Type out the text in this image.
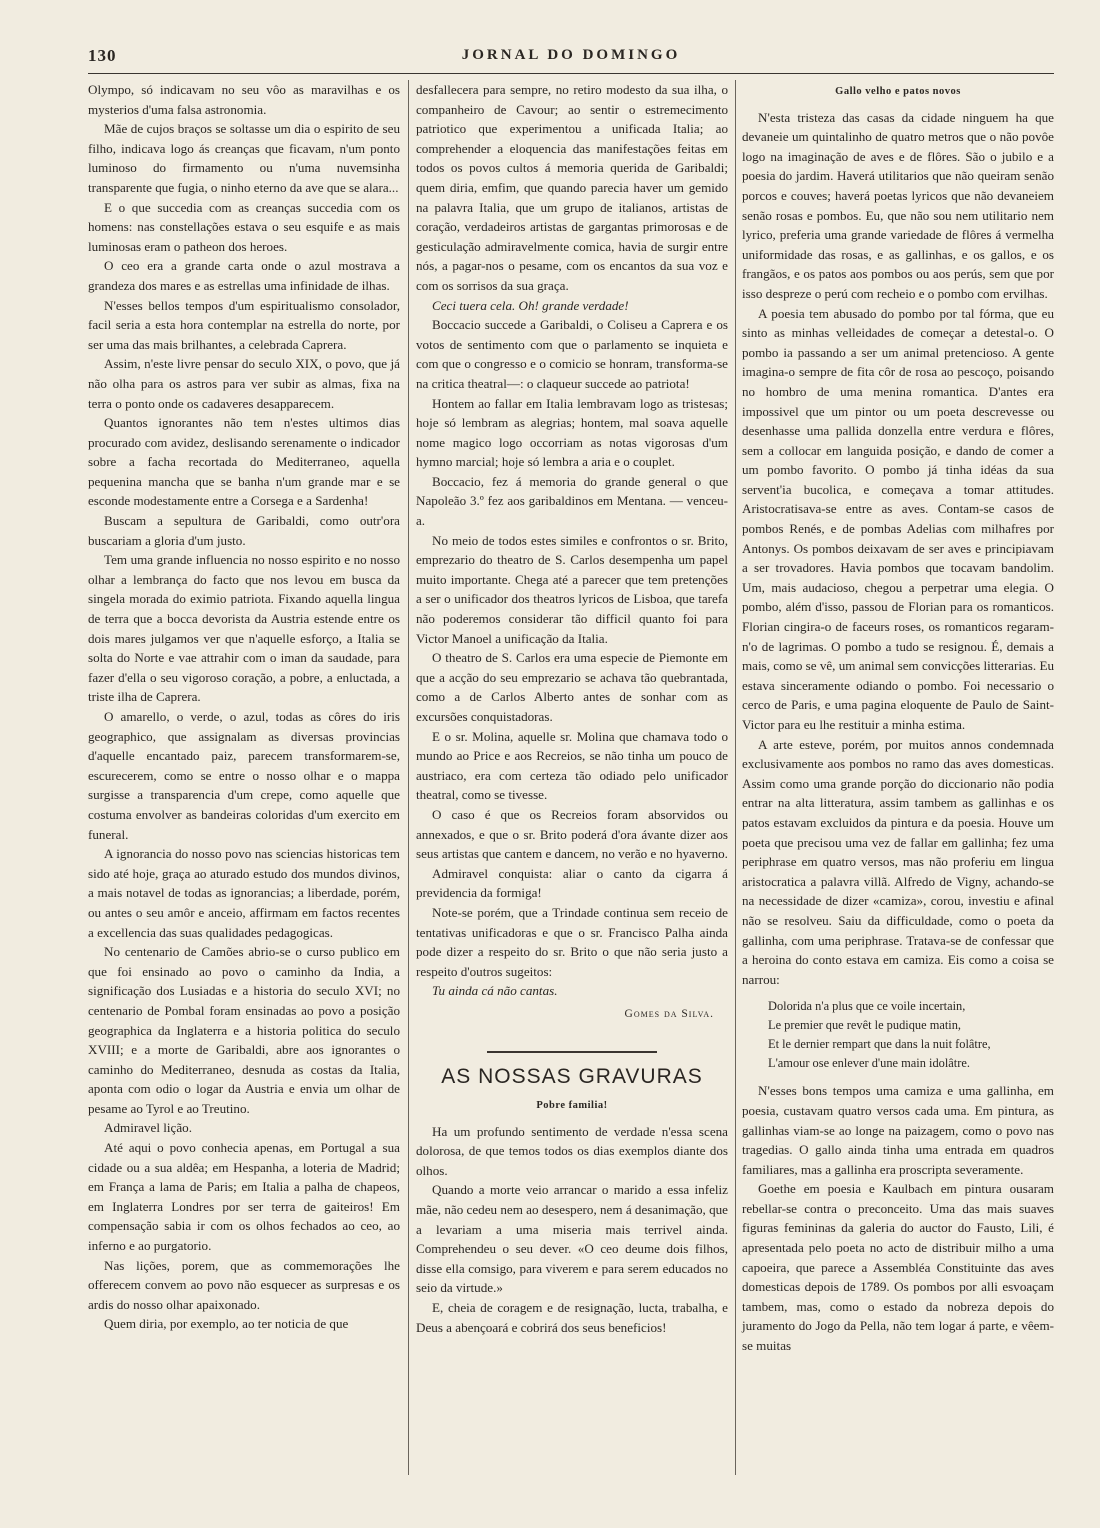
130	JORNAL DO DOMINGO

Olympo, só indicavam no seu vôo as maravilhas e os mysterios d'uma falsa astronomia.

Mãe de cujos braços se soltasse um dia o espirito de seu filho, indicava logo ás creanças que ficavam, n'um ponto luminoso do firmamento ou n'uma nuvemsinha transparente que fugia, o ninho eterno da ave que se alara...

E o que succedia com as creanças succedia com os homens: nas constellações estava o seu esquife e as mais luminosas eram o patheon dos heroes.

O ceo era a grande carta onde o azul mostrava a grandeza dos mares e as estrellas uma infinidade de ilhas.

N'esses bellos tempos d'um espiritualismo consolador, facil seria a esta hora contemplar na estrella do norte, por ser uma das mais brilhantes, a celebrada Caprera.

Assim, n'este livre pensar do seculo XIX, o povo, que já não olha para os astros para ver subir as almas, fixa na terra o ponto onde os cadaveres desapparecem.

Quantos ignorantes não tem n'estes ultimos dias procurado com avidez, deslisando serenamente o indicador sobre a facha recortada do Mediterraneo, aquella pequenina mancha que se banha n'um grande mar e se esconde modestamente entre a Corsega e a Sardenha!

Buscam a sepultura de Garibaldi, como outr'ora buscariam a gloria d'um justo.

Tem uma grande influencia no nosso espirito e no nosso olhar a lembrança do facto que nos levou em busca da singela morada do eximio patriota. Fixando aquella lingua de terra que a bocca devorista da Austria estende entre os dois mares julgamos ver que n'aquelle esforço, a Italia se solta do Norte e vae attrahir com o iman da saudade, para fazer d'ella o seu vigoroso coração, a pobre, a enluctada, a triste ilha de Caprera.

O amarello, o verde, o azul, todas as côres do iris geographico, que assignalam as diversas provincias d'aquelle encantado paiz, parecem transformarem-se, escurecerem, como se entre o nosso olhar e o mappa surgisse a transparencia d'um crepe, como aquelle que costuma envolver as bandeiras coloridas d'um exercito em funeral.

A ignorancia do nosso povo nas sciencias historicas tem sido até hoje, graça ao aturado estudo dos mundos divinos, a mais notavel de todas as ignorancias; a liberdade, porém, ou antes o seu amôr e anceio, affirmam em factos recentes a excellencia das suas qualidades pedagogicas.

No centenario de Camões abrio-se o curso publico em que foi ensinado ao povo o caminho da India, a significação dos Lusiadas e a historia do seculo XVI; no centenario de Pombal foram ensinadas ao povo a posição geographica da Inglaterra e a historia politica do seculo XVIII; e a morte de Garibaldi, abre aos ignorantes o caminho do Mediterraneo, desnuda as costas da Italia, aponta com odio o logar da Austria e envia um olhar de pesame ao Tyrol e ao Treutino.

Admiravel lição.

Até aqui o povo conhecia apenas, em Portugal a sua cidade ou a sua aldêa; em Hespanha, a loteria de Madrid; em França a lama de Paris; em Italia a palha de chapeos, em Inglaterra Londres por ser terra de gaiteiros! Em compensação sabia ir com os olhos fechados ao ceo, ao inferno e ao purgatorio.

Nas lições, porem, que as commemorações lhe offerecem convem ao povo não esquecer as surpresas e os ardis do nosso olhar apaixonado.

Quem diria, por exemplo, ao ter noticia de que

desfallecera para sempre, no retiro modesto da sua ilha, o companheiro de Cavour; ao sentir o estremecimento patriotico que experimentou a unificada Italia; ao comprehender a eloquencia das manifestações feitas em todos os povos cultos á memoria querida de Garibaldi; quem diria, emfim, que quando parecia haver um gemido na palavra Italia, que um grupo de italianos, artistas de coração, verdadeiros artistas de gargantas primorosas e de gesticulação admiravelmente comica, havia de surgir entre nós, a pagar-nos o pesame, com os encantos da sua voz e com os sorrisos da sua graça.

Ceci tuera cela. Oh! grande verdade!

Boccacio succede a Garibaldi, o Coliseu a Caprera e os votos de sentimento com que o parlamento se inquieta e com que o congresso e o comicio se honram, transforma-se na critica theatral—: o claqueur succede ao patriota!

Hontem ao fallar em Italia lembravam logo as tristesas; hoje só lembram as alegrias; hontem, mal soava aquelle nome magico logo occorriam as notas vigorosas d'um hymno marcial; hoje só lembra a aria e o couplet.

Boccacio, fez á memoria do grande general o que Napoleão 3.º fez aos garibaldinos em Mentana. — venceu-a.

No meio de todos estes similes e confrontos o sr. Brito, emprezario do theatro de S. Carlos desempenha um papel muito importante. Chega até a parecer que tem pretenções a ser o unificador dos theatros lyricos de Lisboa, que tarefa não poderemos considerar tão difficil quanto foi para Victor Manoel a unificação da Italia.

O theatro de S. Carlos era uma especie de Piemonte em que a acção do seu emprezario se achava tão quebrantada, como a de Carlos Alberto antes de sonhar com as excursões conquistadoras.

E o sr. Molina, aquelle sr. Molina que chamava todo o mundo ao Price e aos Recreios, se não tinha um pouco de austriaco, era com certeza tão odiado pelo unificador theatral, como se tivesse.

O caso é que os Recreios foram absorvidos ou annexados, e que o sr. Brito poderá d'ora ávante dizer aos seus artistas que cantem e dancem, no verão e no hyaverno.

Admiravel conquista: aliar o canto da cigarra á previdencia da formiga!

Note-se porém, que a Trindade continua sem receio de tentativas unificadoras e que o sr. Francisco Palha ainda pode dizer a respeito do sr. Brito o que não seria justo a respeito d'outros sugeitos:

Tu ainda cá não cantas.

Gomes da Silva.
AS NOSSAS GRAVURAS
Pobre familia!

Ha um profundo sentimento de verdade n'essa scena dolorosa, de que temos todos os dias exemplos diante dos olhos.

Quando a morte veio arrancar o marido a essa infeliz mãe, não cedeu nem ao desespero, nem á desanimação, que a levariam a uma miseria mais terrivel ainda. Comprehendeu o seu dever. «O ceo deume dois filhos, disse ella comsigo, para viverem e para serem educados no seio da virtude.»

E, cheia de coragem e de resignação, lucta, trabalha, e Deus a abençoará e cobrirá dos seus beneficios!

Gallo velho e patos novos

N'esta tristeza das casas da cidade ninguem ha que devaneie um quintalinho de quatro metros que o não povôe logo na imaginação de aves e de flôres. São o jubilo e a poesia do jardim. Haverá utilitarios que não queiram senão porcos e couves; haverá poetas lyricos que não devaneiem senão rosas e pombos. Eu, que não sou nem utilitario nem lyrico, preferia uma grande variedade de flôres á vermelha uniformidade das rosas, e as gallinhas, e os gallos, e os frangãos, e os patos aos pombos ou aos perús, sem que por isso despreze o perú com recheio e o pombo com ervilhas.

A poesia tem abusado do pombo por tal fórma, que eu sinto as minhas velleidades de começar a detestal-o. O pombo ia passando a ser um animal pretencioso. A gente imagina-o sempre de fita côr de rosa ao pescoço, poisando no hombro de uma menina romantica. D'antes era impossivel que um pintor ou um poeta descrevesse ou desenhasse uma pallida donzella entre verdura e flôres, sem a collocar em languida posição, e dando de comer a um pombo favorito. O pombo já tinha idéas da sua servent'ia bucolica, e começava a tomar attitudes. Aristocratisava-se entre as aves. Contam-se casos de pombos Renés, e de pombas Adelias com milhafres por Antonys. Os pombos deixavam de ser aves e principiavam a ser trovadores. Havia pombos que tocavam bandolim. Um, mais audacioso, chegou a perpetrar uma elegia. O pombo, além d'isso, passou de Florian para os romanticos. Florian cingira-o de faceurs roses, os romanticos regaram-n'o de lagrimas. O pombo a tudo se resignou. É, demais a mais, como se vê, um animal sem convicções litterarias. Eu estava sinceramente odiando o pombo. Foi necessario o cerco de Paris, e uma pagina eloquente de Paulo de Saint-Victor para eu lhe restituir a minha estima.

A arte esteve, porém, por muitos annos condemnada exclusivamente aos pombos no ramo das aves domesticas. Assim como uma grande porção do diccionario não podia entrar na alta litteratura, assim tambem as gallinhas e os patos estavam excluidos da pintura e da poesia. Houve um poeta que precisou uma vez de fallar em gallinha; fez uma periphrase em quatro versos, mas não proferiu em lingua aristocratica a palavra villã. Alfredo de Vigny, achando-se na necessidade de dizer «camiza», corou, investiu e afinal não se resolveu. Saiu da difficuldade, como o poeta da gallinha, com uma periphrase. Tratava-se de confessar que a heroina do conto estava em camiza. Eis como a coisa se narrou:

Dolorida n'a plus que ce voile incertain,
Le premier que revêt le pudique matin,
Et le dernier rempart que dans la nuit folâtre,
L'amour ose enlever d'une main idolâtre.

N'esses bons tempos uma camiza e uma gallinha, em poesia, custavam quatro versos cada uma. Em pintura, as gallinhas viam-se ao longe na paizagem, como o povo nas tragedias. O gallo ainda tinha uma entrada em quadros familiares, mas a gallinha era proscripta severamente.

Goethe em poesia e Kaulbach em pintura ousaram rebellar-se contra o preconceito. Uma das mais suaves figuras femininas da galeria do auctor do Fausto, Lili, é apresentada pelo poeta no acto de distribuir milho a uma capoeira, que parece a Assembléa Constituinte das aves domesticas depois de 1789. Os pombos por alli esvoaçam tambem, mas, como o estado da nobreza depois do juramento do Jogo da Pella, não tem logar á parte, e vêem-se muitas
